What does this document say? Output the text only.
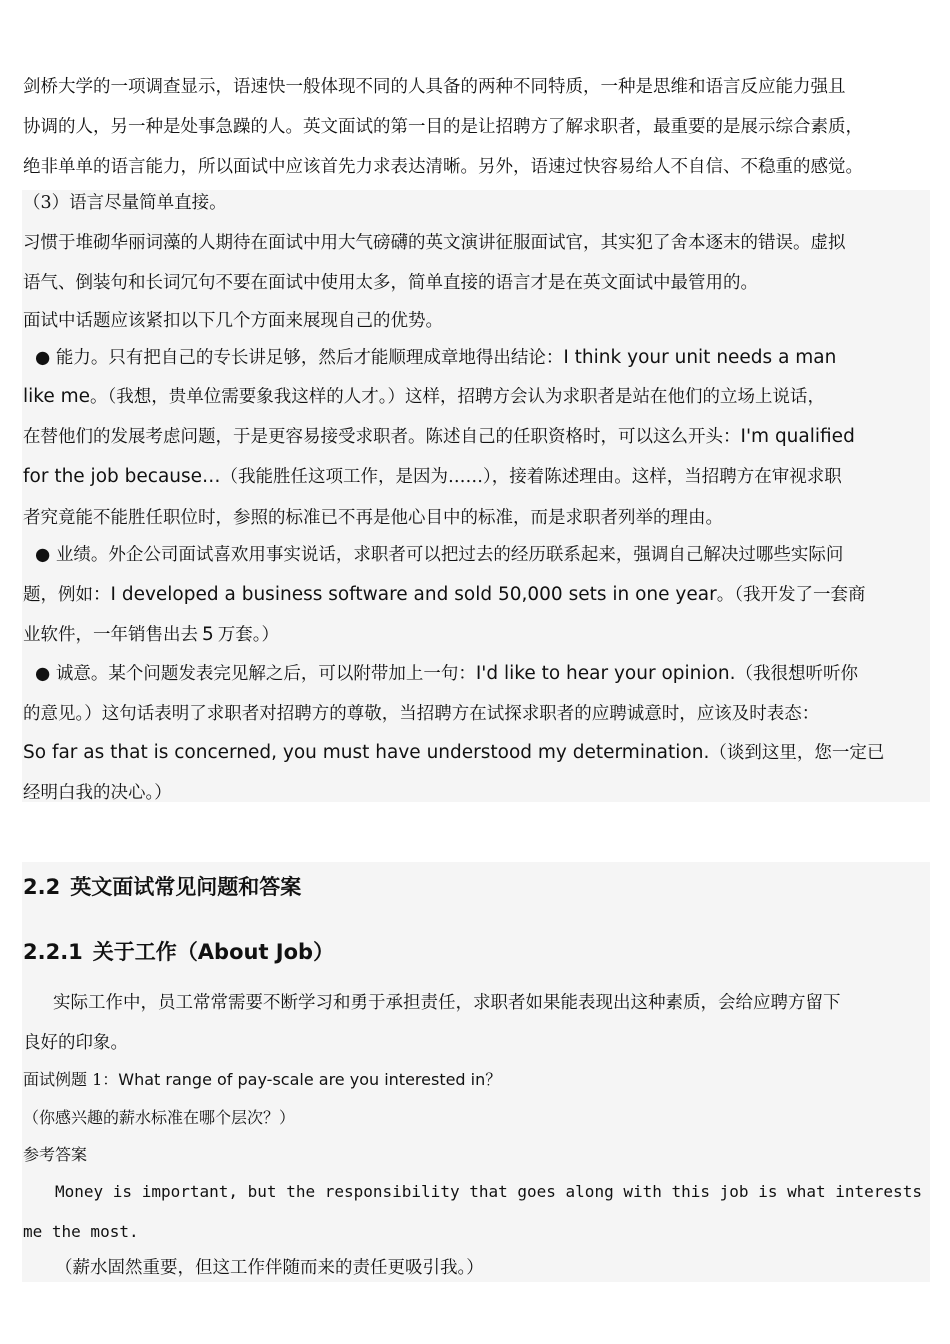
剑桥大学的一项调查显示，语速快一般体现不同的人具备的两种不同特质，一种是思维和语言反应能力强且
协调的人，另一种是处事急躁的人。英文面试的第一目的是让招聘方了解求职者，最重要的是展示综合素质，
绝非单单的语言能力，所以面试中应该首先力求表达清晰。另外，语速过快容易给人不自信、不稳重的感觉。
（3）语言尽量简单直接。
习惯于堆砌华丽词藻的人期待在面试中用大气磅礴的英文演讲征服面试官，其实犯了舍本逐末的错误。虚拟
语气、倒装句和长词冗句不要在面试中使用太多，简单直接的语言才是在英文面试中最管用的。
面试中话题应该紧扣以下几个方面来展现自己的优势。
● 能力。只有把自己的专长讲足够，然后才能顺理成章地得出结论：I think your unit needs a man
like me。（我想，贵单位需要象我这样的人才。）这样，招聘方会认为求职者是站在他们的立场上说话，
在替他们的发展考虑问题，于是更容易接受求职者。陈述自己的任职资格时，可以这么开头：I'm qualified
for the job because…（我能胜任这项工作，是因为……），接着陈述理由。这样，当招聘方在审视求职
者究竟能不能胜任职位时，参照的标准已不再是他心目中的标准，而是求职者列举的理由。
● 业绩。外企公司面试喜欢用事实说话，求职者可以把过去的经历联系起来，强调自己解决过哪些实际问
题，例如：I developed a business software and sold 50,000 sets in one year。（我开发了一套商
业软件，一年销售出去 5 万套。）
● 诚意。某个问题发表完见解之后，可以附带加上一句：I'd like to hear your opinion.（我很想听听你
的意见。）这句话表明了求职者对招聘方的尊敬，当招聘方在试探求职者的应聘诚意时，应该及时表态：
So far as that is concerned, you must have understood my determination.（谈到这里，您一定已
经明白我的决心。）
2.2 英文面试常见问题和答案
2.2.1 关于工作（About Job）
实际工作中，员工常常需要不断学习和勇于承担责任，求职者如果能表现出这种素质，会给应聘方留下
良好的印象。
面试例题 1：What range of pay-scale are you interested in？
（你感兴趣的薪水标准在哪个层次？）
参考答案
Money is important, but the responsibility that goes along with this job is what interests
me the most.
（薪水固然重要，但这工作伴随而来的责任更吸引我。）
